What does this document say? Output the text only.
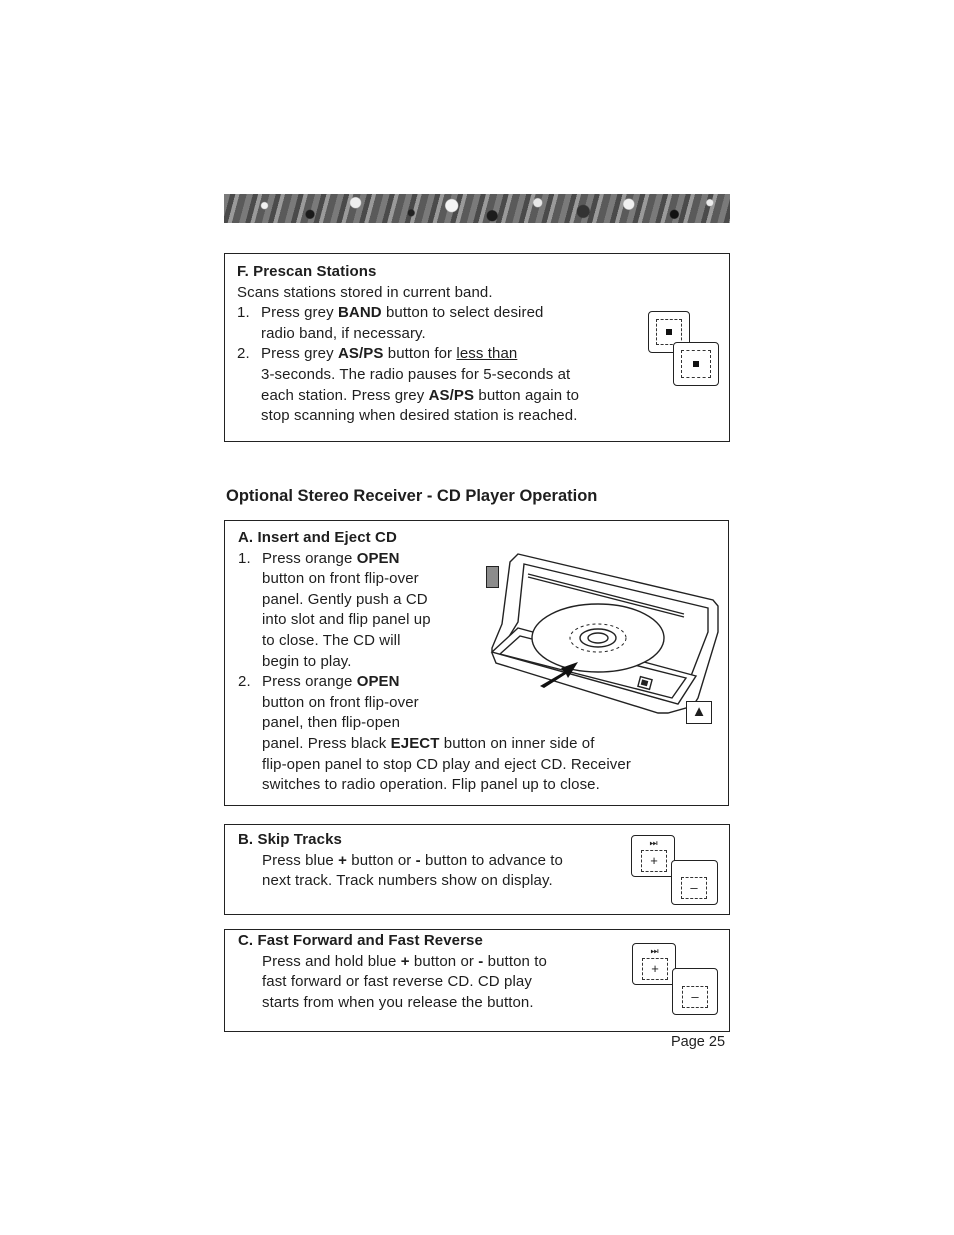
F. Prescan Stations
Scans stations stored in current band.
1. Press grey BAND button to select desired
radio band, if necessary.
2. Press grey AS/PS button for less than
3-seconds. The radio pauses for 5-seconds at
each station. Press grey AS/PS button again to
stop scanning when desired station is reached.
Optional Stereo Receiver - CD Player Operation
A. Insert and Eject CD
1. Press orange OPEN
button on front flip-over
panel. Gently push a CD
into slot and flip panel up
to close. The CD will
begin to play.
2. Press orange OPEN
button on front flip-over
panel, then flip-open
panel. Press black EJECT button on inner side of
flip-open panel to stop CD play and eject CD. Receiver
switches to radio operation. Flip panel up to close.
▲
B. Skip Tracks
Press blue + button or - button to advance to
next track. Track numbers show on display.
⏭
+
–
C. Fast Forward and Fast Reverse
Press and hold blue + button or - button to
fast forward or fast reverse CD. CD play
starts from when you release the button.
⏭
+
–
Page 25
